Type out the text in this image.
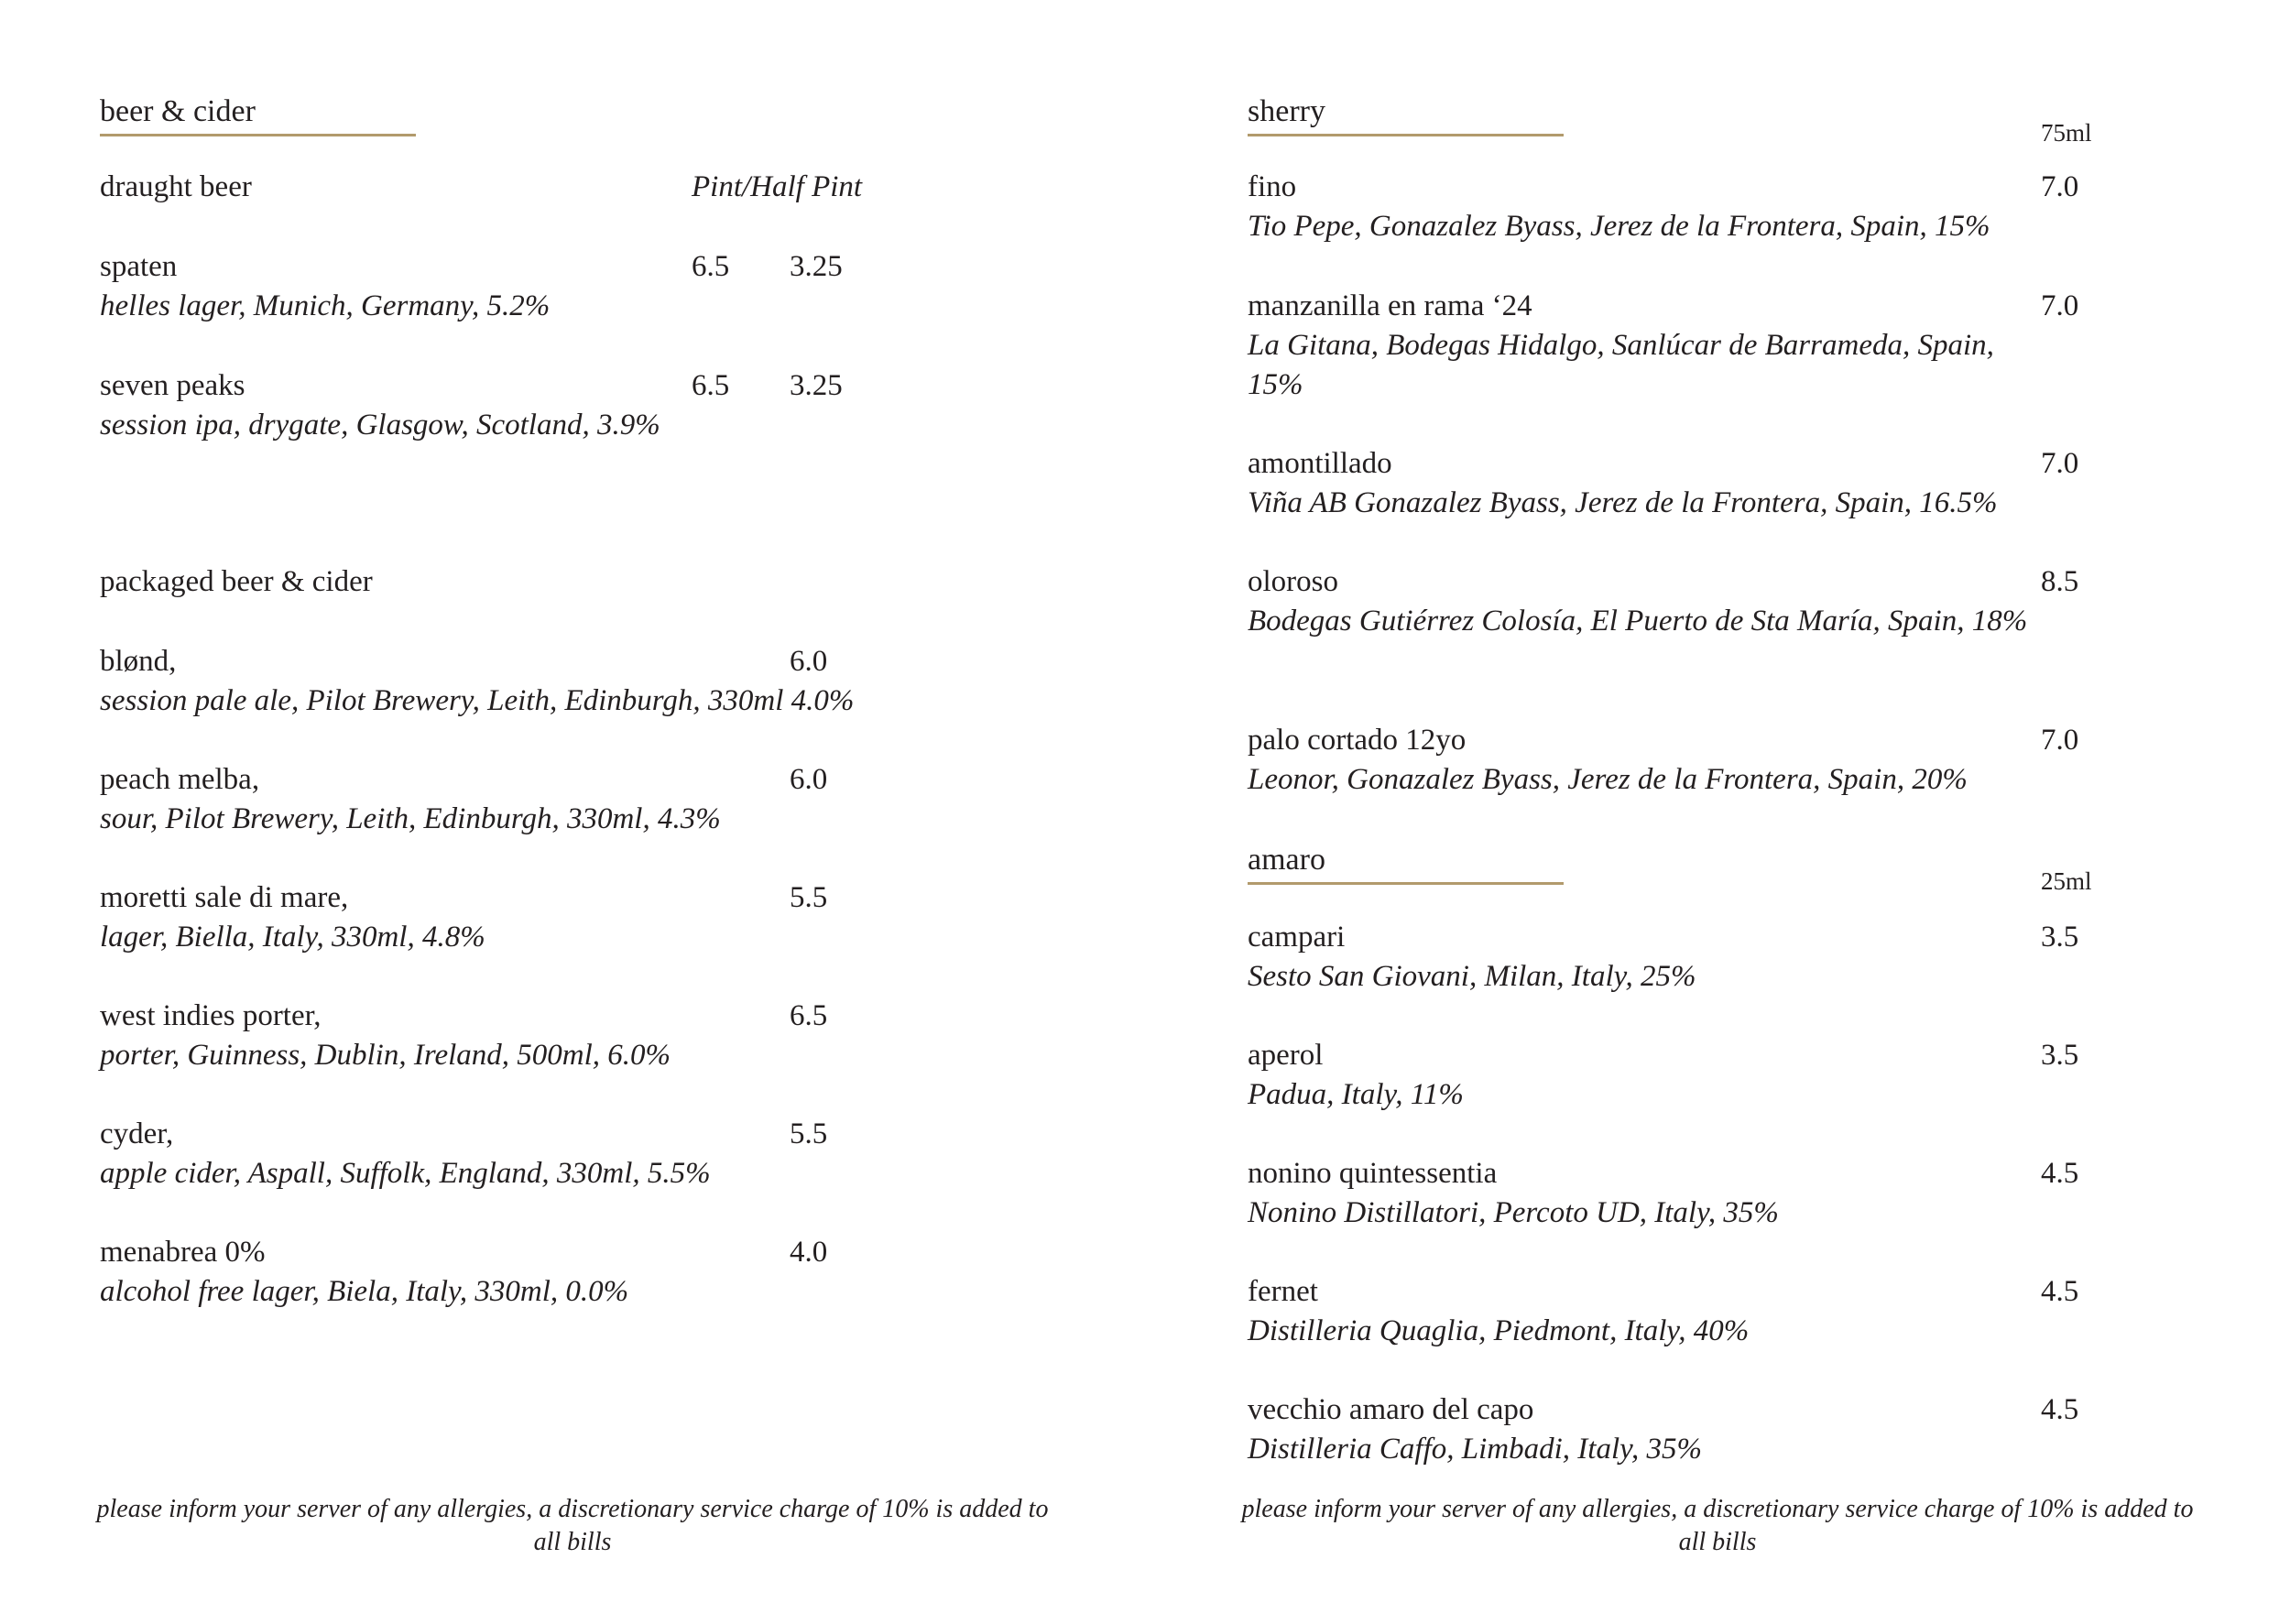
beer & cider
draught beer	Pint/Half Pint
spaten	6.5 3.25
helles lager, Munich, Germany, 5.2%
seven peaks	6.5 3.25
session ipa, drygate, Glasgow, Scotland, 3.9%
packaged beer & cider
blønd,	6.0
session pale ale, Pilot Brewery, Leith, Edinburgh, 330ml 4.0%
peach melba,	6.0
sour, Pilot Brewery, Leith, Edinburgh, 330ml, 4.3%
moretti sale di mare,	5.5
lager, Biella, Italy, 330ml, 4.8%
west indies porter,	6.5
porter, Guinness, Dublin, Ireland, 500ml, 6.0%
cyder,	5.5
apple cider, Aspall, Suffolk, England, 330ml, 5.5%
menabrea 0%	4.0
alcohol free lager, Biela, Italy, 330ml, 0.0%
please inform your server of any allergies, a discretionary service charge of 10% is added to all bills
sherry
75ml
fino	7.0
Tio Pepe, Gonazalez Byass, Jerez de la Frontera, Spain, 15%
manzanilla en rama ‘24	7.0
La Gitana, Bodegas Hidalgo, Sanlúcar de Barrameda, Spain, 15%
amontillado	7.0
Viña AB Gonazalez Byass, Jerez de la Frontera, Spain, 16.5%
oloroso	8.5
Bodegas Gutiérrez Colosía, El Puerto de Sta María, Spain, 18%
palo cortado 12yo	7.0
Leonor, Gonazalez Byass, Jerez de la Frontera, Spain, 20%
amaro
25ml
campari	3.5
Sesto San Giovani, Milan, Italy, 25%
aperol	3.5
Padua, Italy, 11%
nonino quintessentia	4.5
Nonino Distillatori, Percoto UD, Italy, 35%
fernet	4.5
Distilleria Quaglia, Piedmont, Italy, 40%
vecchio amaro del capo	4.5
Distilleria Caffo, Limbadi, Italy, 35%
please inform your server of any allergies, a discretionary service charge of 10% is added to all bills
